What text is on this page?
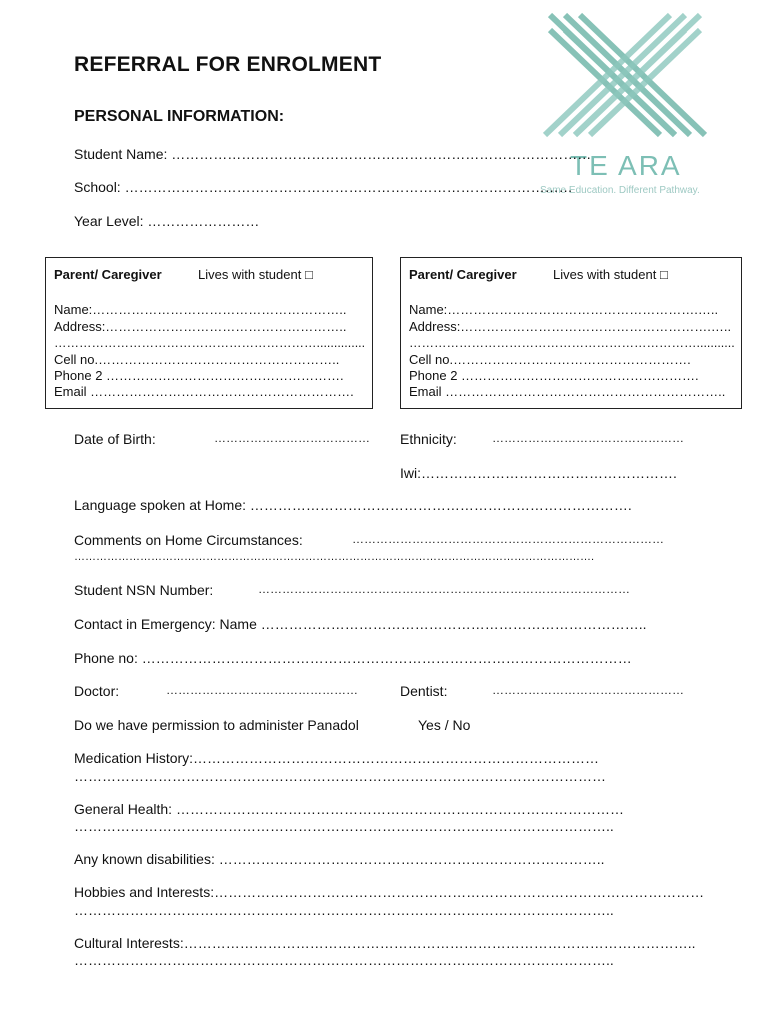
REFERRAL FOR ENROLMENT
PERSONAL INFORMATION:
TE ARA
Same Education. Different Pathway.
Student Name: ………………………………………………………………………………
School: ……………………………………………………………………………………
Year Level: ……………………
Parent/ Caregiver	Lives with student □
Name:…………………………………………………..
Address:………………………………………………..
………………………………………………………..............
Cell no.………………………………………………..
Phone 2 ……………………………………………….
Email …………………………………………………….
Parent/ Caregiver	Lives with student □
Name:………………………………………………….…..
Address:………………………………………………….…..
……………………………………………………………...........
Cell no.……………………………………………….
Phone 2 ……………………………………………….
Email ………………………………………………………..
Date of Birth:	………………………………… Ethnicity:	…………………………………………
Iwi:……………………………………………….
Language spoken at Home: ……………………………………………………………………….
Comments on Home Circumstances:	……………………………………………………………………
…………………………………………………………………………………………………………………………….
Student NSN Number:	…………………………………………………………………………………
Contact in Emergency: Name ………………………………………………………………………..
Phone no: ……………………………………………………………………………………………
Doctor:	…………………………………………	Dentist:	…………………………………………
Do we have permission to administer Panadol	Yes / No
Medication History:……………………………………………………………………………
……………………………………………………………………………………………………
General Health: ……………………………………………………………………………………
……………………………………………………………………………………………………..
Any known disabilities: ………………………………………………………………………..
Hobbies and Interests:……………………………………………………………………………………………
……………………………………………………………………………………………………..
Cultural Interests:………………………………………………………………………………………………..
……………………………………………………………………………………………………..
